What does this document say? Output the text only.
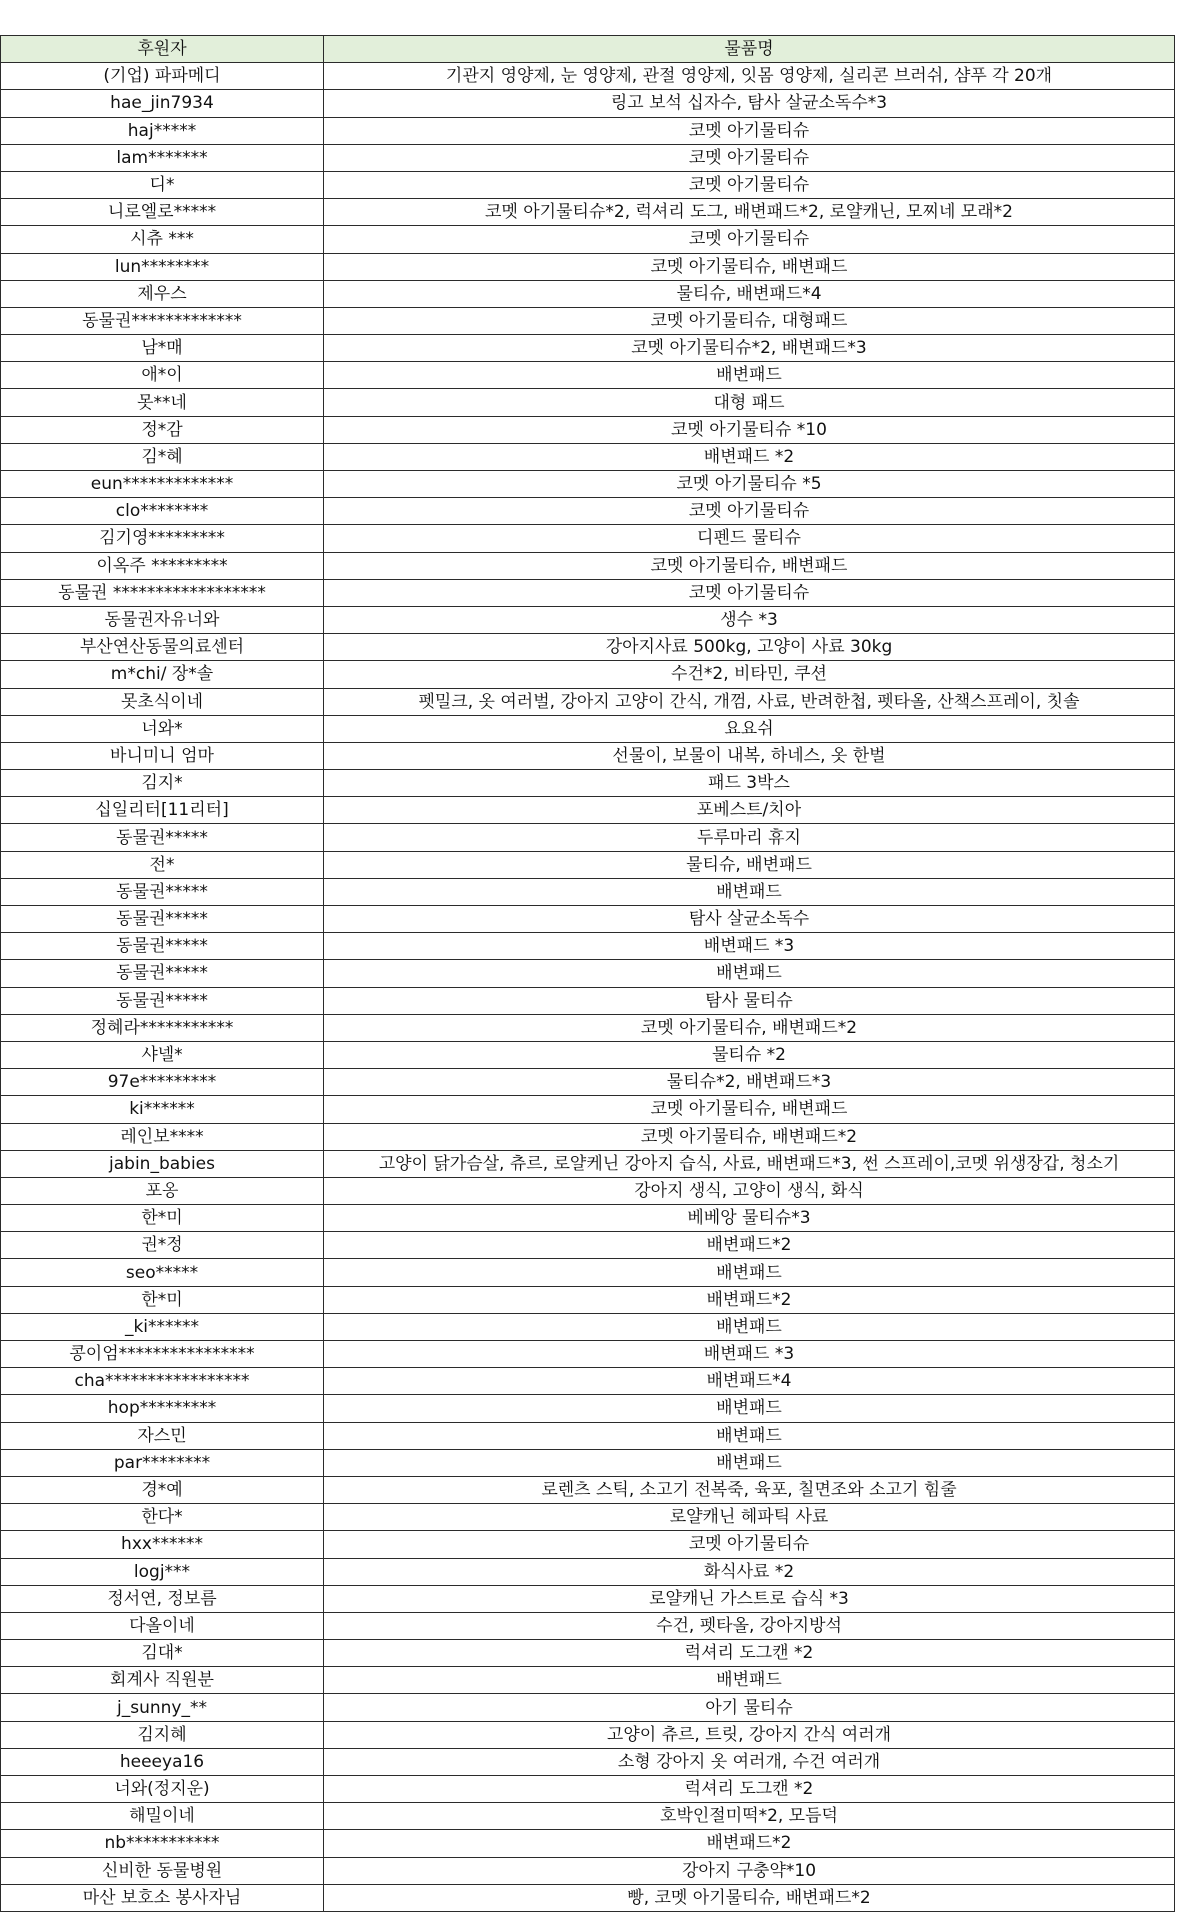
후원자	물품명
(기업) 파파메디	기관지 영양제, 눈 영양제, 관절 영양제, 잇몸 영양제, 실리콘 브러쉬, 샴푸 각 20개
hae_jin7934	링고 보석 십자수, 탐사 살균소독수*3
haj*****	코멧 아기물티슈
lam*******	코멧 아기물티슈
디*	코멧 아기물티슈
니로엘로*****	코멧 아기물티슈*2, 럭셔리 도그, 배변패드*2, 로얄캐닌, 모찌네 모래*2
시츄 ***	코멧 아기물티슈
lun********	코멧 아기물티슈, 배변패드
제우스	물티슈, 배변패드*4
동물권*************	코멧 아기물티슈, 대형패드
남*매	코멧 아기물티슈*2, 배변패드*3
애*이	배변패드
못**네	대형 패드
정*감	코멧 아기물티슈 *10
김*혜	배변패드 *2
eun*************	코멧 아기물티슈 *5
clo********	코멧 아기물티슈
김기영*********	디펜드 물티슈
이옥주 *********	코멧 아기물티슈, 배변패드
동물권 ******************	코멧 아기물티슈
동물권자유너와	생수 *3
부산연산동물의료센터	강아지사료 500kg, 고양이 사료 30kg
m*chi/ 장*솔	수건*2, 비타민, 쿠션
못초식이네	펫밀크, 옷 여러벌, 강아지 고양이 간식, 개껌, 사료, 반려한첩, 펫타올, 산책스프레이, 칫솔
너와*	요요쉬
바니미니 엄마	선물이, 보물이 내복, 하네스, 옷 한벌
김지*	패드 3박스
십일리터[11리터]	포베스트/치아
동물권*****	두루마리 휴지
전*	물티슈, 배변패드
동물권*****	배변패드
동물권*****	탐사 살균소독수
동물권*****	배변패드 *3
동물권*****	배변패드
동물권*****	탐사 물티슈
정혜라***********	코멧 아기물티슈, 배변패드*2
샤넬*	물티슈 *2
97e*********	물티슈*2, 배변패드*3
ki******	코멧 아기물티슈, 배변패드
레인보****	코멧 아기물티슈, 배변패드*2
jabin_babies	고양이 닭가슴살, 츄르, 로얄케닌 강아지 습식, 사료, 배변패드*3, 썬 스프레이,코멧 위생장갑, 청소기
포옹	강아지 생식, 고양이 생식, 화식
한*미	베베앙 물티슈*3
권*정	배변패드*2
seo*****	배변패드
한*미	배변패드*2
_ki******	배변패드
콩이엄****************	배변패드 *3
cha*****************	배변패드*4
hop*********	배변패드
자스민	배변패드
par********	배변패드
경*예	로렌츠 스틱, 소고기 전복죽, 육포, 칠면조와 소고기 힘줄
한다*	로얄캐닌 헤파틱 사료
hxx******	코멧 아기물티슈
logj***	화식사료 *2
정서연, 정보름	로얄캐닌 가스트로 습식 *3
다올이네	수건, 펫타올, 강아지방석
김대*	럭셔리 도그캔 *2
회계사 직원분	배변패드
j_sunny_**	아기 물티슈
김지혜	고양이 츄르, 트릿, 강아지 간식 여러개
heeeya16	소형 강아지 옷 여러개, 수건 여러개
너와(정지운)	럭셔리 도그캔 *2
해밀이네	호박인절미떡*2, 모듬덕
nb***********	배변패드*2
신비한 동물병원	강아지 구충약*10
마산 보호소 봉사자님	빵, 코멧 아기물티슈, 배변패드*2
